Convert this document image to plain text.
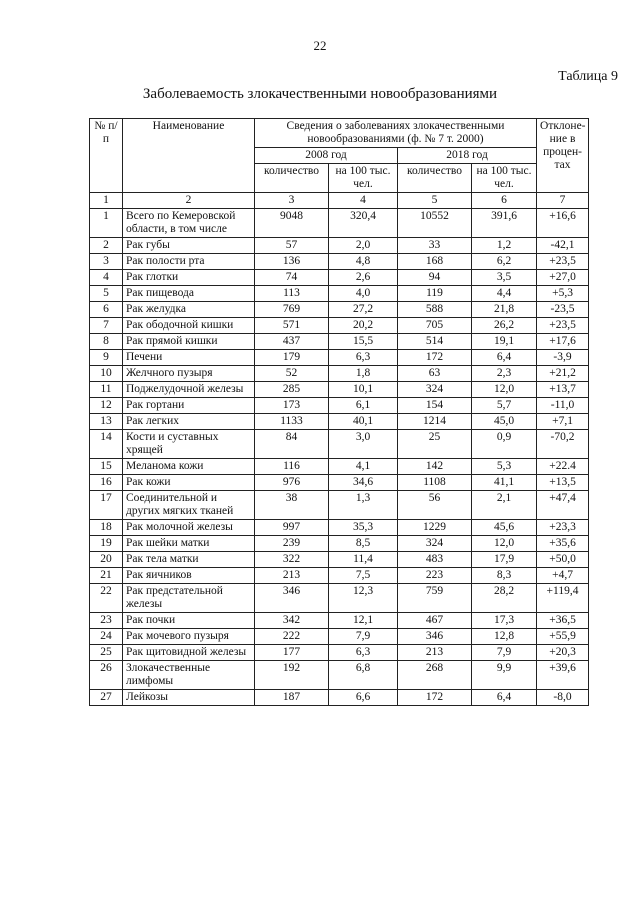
22
Таблица 9
Заболеваемость злокачественными новообразованиями
№ п/п	Наименование	Сведения о заболеваниях злокачественными новообразованиями (ф. № 7 т. 2000)				Отклоне-ние в процен-тах
		2008 год		2018 год		
		количество	на 100 тыс. чел.	количество	на 100 тыс. чел.	
1	2	3	4	5	6	7
1	Всего по Кемеровской области, в том числе	9048	320,4	10552	391,6	+16,6
2	Рак губы	57	2,0	33	1,2	-42,1
3	Рак полости рта	136	4,8	168	6,2	+23,5
4	Рак глотки	74	2,6	94	3,5	+27,0
5	Рак пищевода	113	4,0	119	4,4	+5,3
6	Рак желудка	769	27,2	588	21,8	-23,5
7	Рак ободочной кишки	571	20,2	705	26,2	+23,5
8	Рак прямой кишки	437	15,5	514	19,1	+17,6
9	Печени	179	6,3	172	6,4	-3,9
10	Желчного пузыря	52	1,8	63	2,3	+21,2
11	Поджелудочной железы	285	10,1	324	12,0	+13,7
12	Рак гортани	173	6,1	154	5,7	-11,0
13	Рак легких	1133	40,1	1214	45,0	+7,1
14	Кости и суставных хрящей	84	3,0	25	0,9	-70,2
15	Меланома кожи	116	4,1	142	5,3	+22.4
16	Рак кожи	976	34,6	1108	41,1	+13,5
17	Соединительной и других мягких тканей	38	1,3	56	2,1	+47,4
18	Рак молочной железы	997	35,3	1229	45,6	+23,3
19	Рак шейки матки	239	8,5	324	12,0	+35,6
20	Рак тела матки	322	11,4	483	17,9	+50,0
21	Рак яичников	213	7,5	223	8,3	+4,7
22	Рак предстательной железы	346	12,3	759	28,2	+119,4
23	Рак почки	342	12,1	467	17,3	+36,5
24	Рак мочевого пузыря	222	7,9	346	12,8	+55,9
25	Рак щитовидной железы	177	6,3	213	7,9	+20,3
26	Злокачественные лимфомы	192	6,8	268	9,9	+39,6
27	Лейкозы	187	6,6	172	6,4	-8,0
